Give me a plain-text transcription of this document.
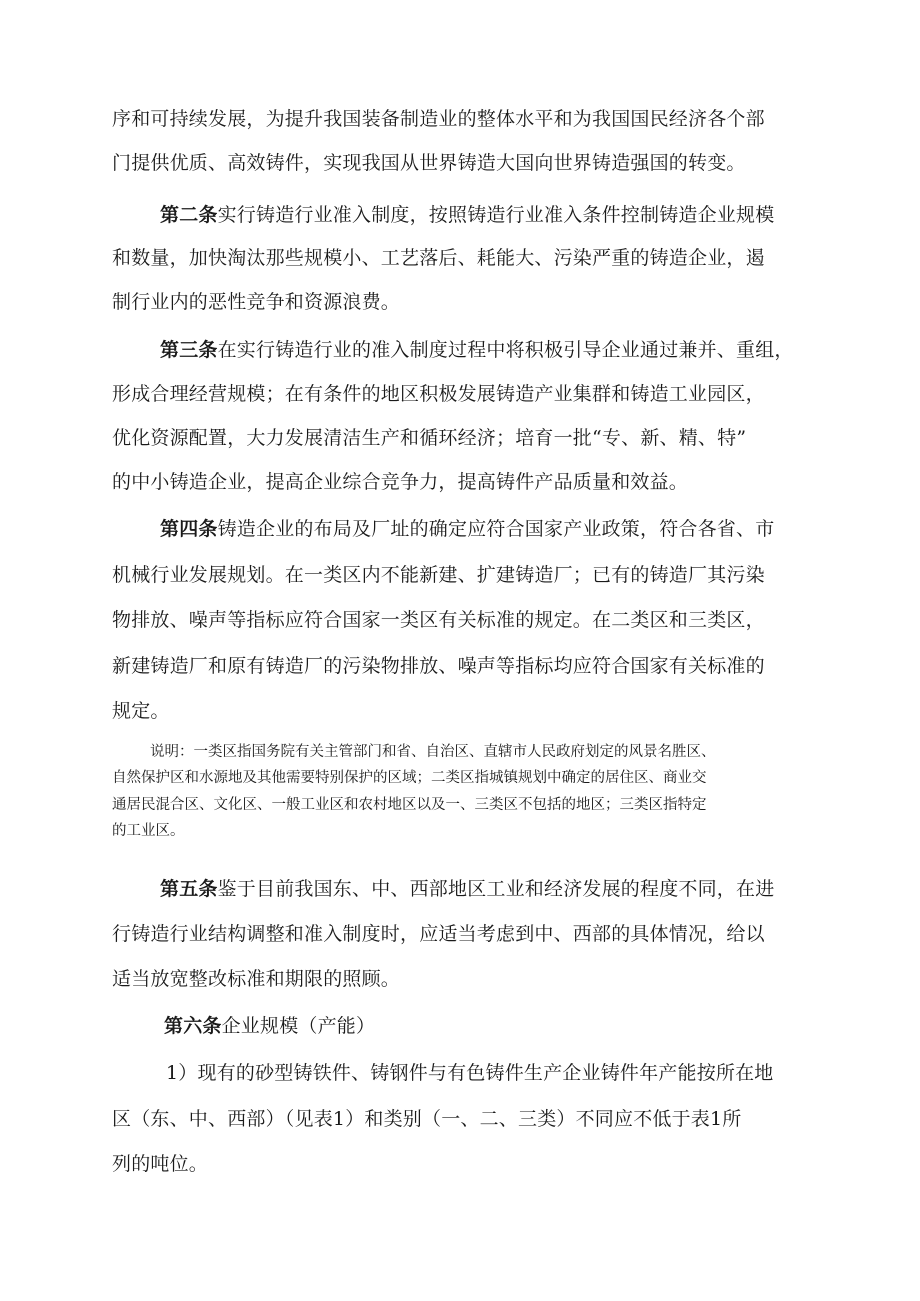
序和可持续发展，为提升我国装备制造业的整体水平和为我国国民经济各个部
门提供优质、高效铸件，实现我国从世界铸造大国向世界铸造强国的转变。
第二条实行铸造行业准入制度，按照铸造行业准入条件控制铸造企业规模
和数量，加快淘汰那些规模小、工艺落后、耗能大、污染严重的铸造企业，遏
制行业内的恶性竞争和资源浪费。
第三条在实行铸造行业的准入制度过程中将积极引导企业通过兼并、重组，
形成合理经营规模；在有条件的地区积极发展铸造产业集群和铸造工业园区，
优化资源配置，大力发展清洁生产和循环经济；培育一批“专、新、精、特”
的中小铸造企业，提高企业综合竞争力，提高铸件产品质量和效益。
第四条铸造企业的布局及厂址的确定应符合国家产业政策，符合各省、市
机械行业发展规划。在一类区内不能新建、扩建铸造厂；已有的铸造厂其污染
物排放、噪声等指标应符合国家一类区有关标准的规定。在二类区和三类区，
新建铸造厂和原有铸造厂的污染物排放、噪声等指标均应符合国家有关标准的
规定。
说明：一类区指国务院有关主管部门和省、自治区、直辖市人民政府划定的风景名胜区、
自然保护区和水源地及其他需要特别保护的区域；二类区指城镇规划中确定的居住区、商业交
通居民混合区、文化区、一般工业区和农村地区以及一、三类区不包括的地区；三类区指特定
的工业区。
第五条鉴于目前我国东、中、西部地区工业和经济发展的程度不同，在进
行铸造行业结构调整和准入制度时，应适当考虑到中、西部的具体情况，给以
适当放宽整改标准和期限的照顾。
第六条企业规模（产能）
1）现有的砂型铸铁件、铸钢件与有色铸件生产企业铸件年产能按所在地
区（东、中、西部）（见表1）和类别（一、二、三类）不同应不低于表1所
列的吨位。
